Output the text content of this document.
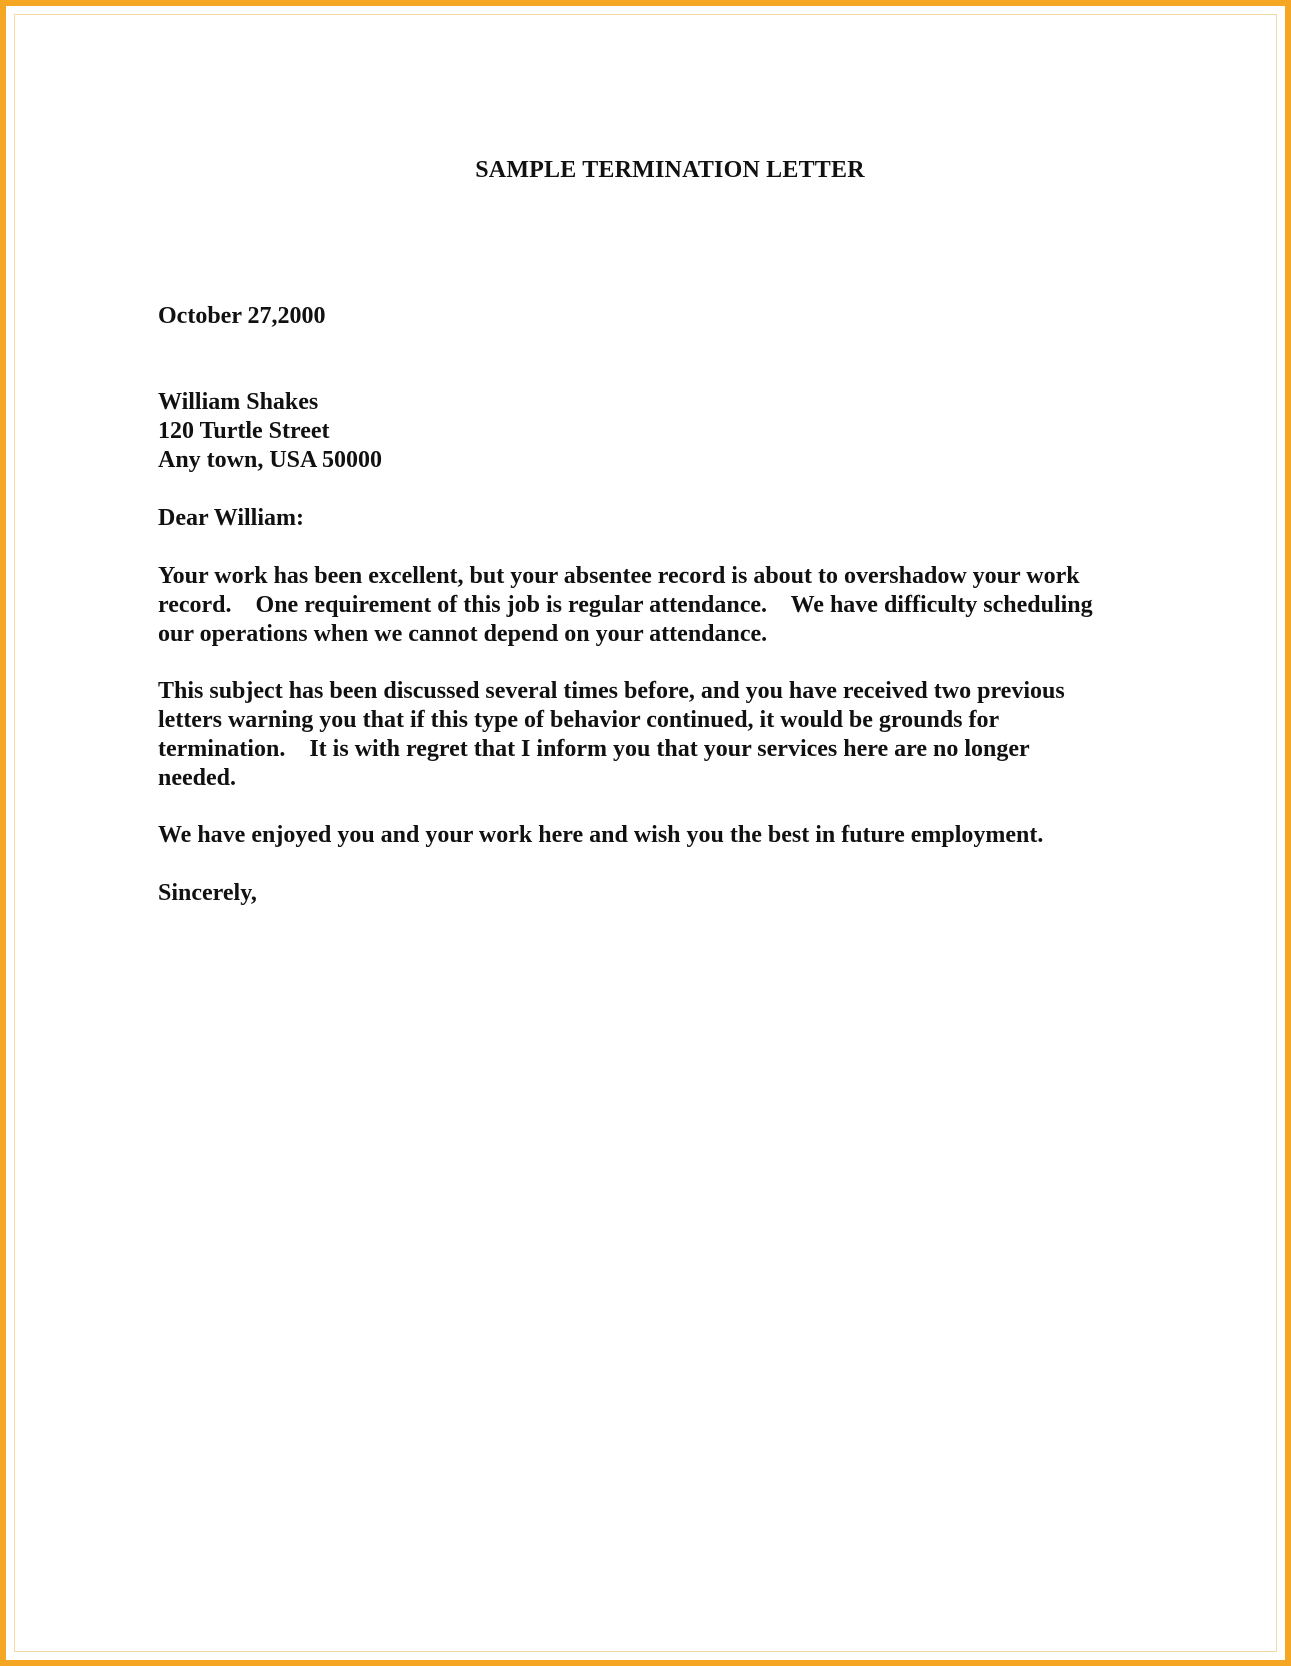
SAMPLE TERMINATION LETTER
October 27,2000
William Shakes
120 Turtle Street
Any town, USA 50000
Dear William:
Your work has been excellent, but your absentee record is about to overshadow your work
record.    One requirement of this job is regular attendance.    We have difficulty scheduling
our operations when we cannot depend on your attendance.
This subject has been discussed several times before, and you have received two previous
letters warning you that if this type of behavior continued, it would be grounds for
termination.    It is with regret that I inform you that your services here are no longer
needed.
We have enjoyed you and your work here and wish you the best in future employment.
Sincerely,
